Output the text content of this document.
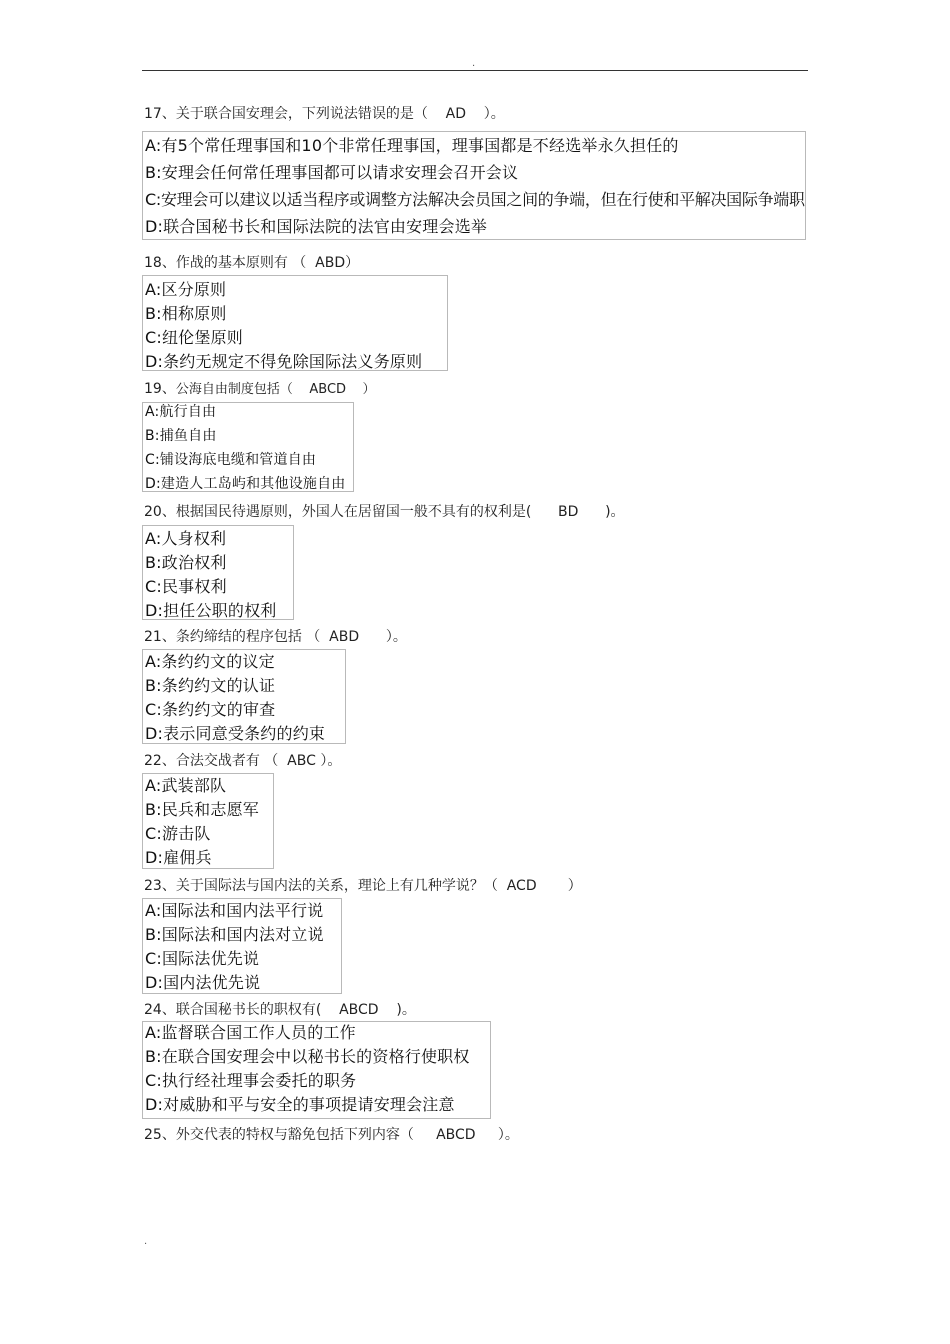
.
17、关于联合国安理会，下列说法错误的是（    AD    ）。
A:有5个常任理事国和10个非常任理事国，理事国都是不经选举永久担任的
B:安理会任何常任理事国都可以请求安理会召开会议
C:安理会可以建议以适当程序或调整方法解决会员国之间的争端，但在行使和平解决国际争端职
D:联合国秘书长和国际法院的法官由安理会选举
18、作战的基本原则有 （  ABD）
A:区分原则
B:相称原则
C:纽伦堡原则
D:条约无规定不得免除国际法义务原则
19、公海自由制度包括（    ABCD    ）
A:航行自由
B:捕鱼自由
C:铺设海底电缆和管道自由
D:建造人工岛屿和其他设施自由
20、根据国民待遇原则，外国人在居留国一般不具有的权利是(      BD      )。
A:人身权利
B:政治权利
C:民事权利
D:担任公职的权利
21、条约缔结的程序包括 （  ABD      ）。
A:条约约文的议定
B:条约约文的认证
C:条约约文的审查
D:表示同意受条约的约束
22、合法交战者有 （  ABC ）。
A:武装部队
B:民兵和志愿军
C:游击队
D:雇佣兵
23、关于国际法与国内法的关系，理论上有几种学说？（  ACD       ）
A:国际法和国内法平行说
B:国际法和国内法对立说
C:国际法优先说
D:国内法优先说
24、联合国秘书长的职权有(    ABCD    )。
A:监督联合国工作人员的工作
B:在联合国安理会中以秘书长的资格行使职权
C:执行经社理事会委托的职务
D:对威胁和平与安全的事项提请安理会注意
25、外交代表的特权与豁免包括下列内容（     ABCD     ）。
.
